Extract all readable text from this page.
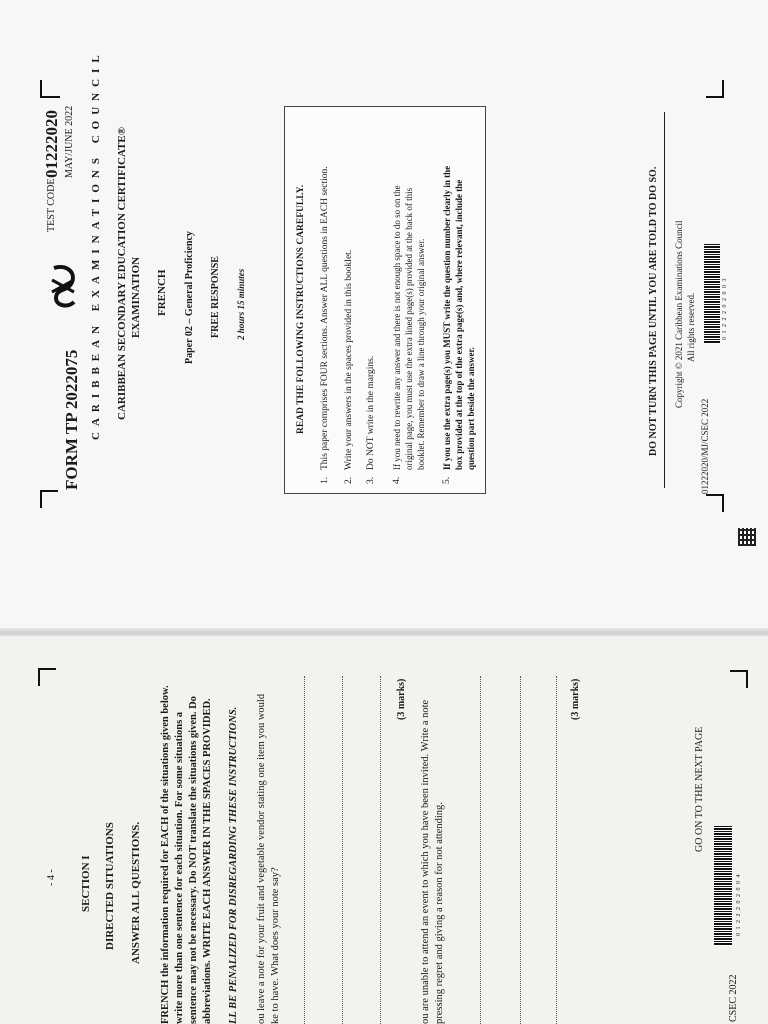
FORM TP 2022075
TEST CODE
01222020 MAY/JUNE 2022 CARIBBEAN EXAMINATIONS COUNCIL CARIBBEAN SECONDARY EDUCATION CERTIFICATE® EXAMINATION FRENCH Paper 02 – General Proficiency FREE RESPONSE 2 hours 15 minutes	READ THE FOLLOWING INSTRUCTIONS CAREFULLY.
1.
This paper comprises FOUR sections. Answer ALL questions in EACH section.
2.
Write your answers in the spaces provided in this booklet.
3.
Do NOT write in the margins.
4.
If you need to rewrite any answer and there is not enough space to do so on the original page, you must use the extra lined page(s) provided at the back of this booklet. Remember to draw a line through your original answer.
5.
If you use the extra page(s) you MUST write the question number clearly in the box provided at the top of the extra page(s) and, where relevant, include the question part beside the answer.	DO NOT TURN THIS PAGE UNTIL YOU ARE TOLD TO DO SO. Copyright © 2021 Caribbean Examinations Council All rights reserved.
01222020/MJ/CSEC 2022
0 1 2 2 2 0 2 0 0 3
- 4 - SECTION I DIRECTED SITUATIONS ANSWER ALL QUESTIONS. FRENCH the information required for EACH of the situations given below. write more than one sentence for each situation. For some situations a sentence may not be necessary. Do NOT translate the situations given. Do abbreviations. WRITE EACH ANSWER IN THE SPACES PROVIDED. LL BE PENALIZED FOR DISREGARDING THESE INSTRUCTIONS. ou leave a note for your fruit and vegetable vendor stating one item you would ke to have. What does your note say?
(3 marks)
ou are unable to attend an event to which you have been invited. Write a note pressing regret and giving a reason for not attending.
(3 marks)
GO ON TO THE NEXT PAGE
0 1 2 2 2 0 2 0 0 4
CSEC 2022
